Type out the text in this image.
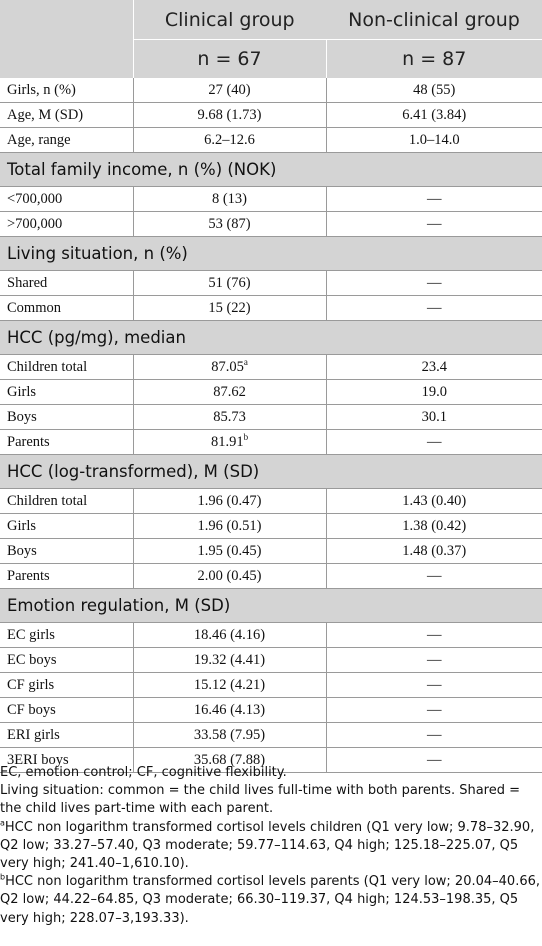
	Clinical group	Non-clinical group
	n = 67	n = 87
Girls, n (%)	27 (40)	48 (55)
Age, M (SD)	9.68 (1.73)	6.41 (3.84)
Age, range	6.2–12.6	1.0–14.0
Total family income, n (%) (NOK)		
<700,000	8 (13)	—
>700,000	53 (87)	—
Living situation, n (%)		
Shared	51 (76)	—
Common	15 (22)	—
HCC (pg/mg), median		
Children total	87.05$^a$	23.4
Girls	87.62	19.0
Boys	85.73	30.1
Parents	81.91$^b$	—
HCC (log-transformed), M (SD)		
Children total	1.96 (0.47)	1.43 (0.40)
Girls	1.96 (0.51)	1.38 (0.42)
Boys	1.95 (0.45)	1.48 (0.37)
Parents	2.00 (0.45)	—
Emotion regulation, M (SD)		
EC girls	18.46 (4.16)	—
EC boys	19.32 (4.41)	—
CF girls	15.12 (4.21)	—
CF boys	16.46 (4.13)	—
ERI girls	33.58 (7.95)	—
3ERI boys	35.68 (7.88)	—

EC, emotion control; CF, cognitive flexibility.

Living situation: common = the child lives full-time with both parents. Shared = the child lives part-time with each parent.

$^a$HCC non logarithm transformed cortisol levels children (Q1 very low; 9.78–32.90, Q2 low; 33.27–57.40, Q3 moderate; 59.77–114.63, Q4 high; 125.18–225.07, Q5 very high; 241.40–1,610.10).

$^b$HCC non logarithm transformed cortisol levels parents (Q1 very low; 20.04–40.66, Q2 low; 44.22–64.85, Q3 moderate; 66.30–119.37, Q4 high; 124.53–198.35, Q5 very high; 228.07–3,193.33).
